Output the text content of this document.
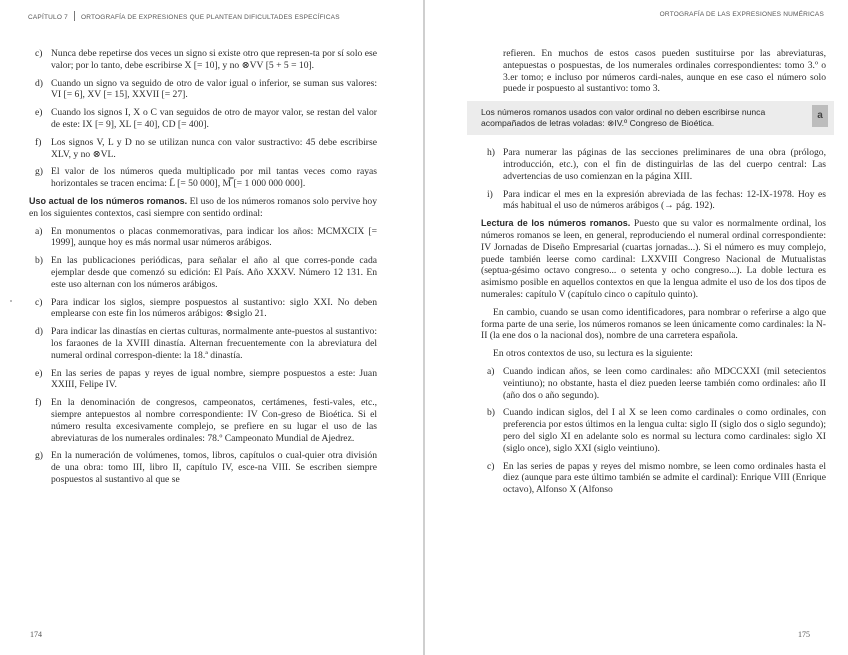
CAPÍTULO 7 ORTOGRAFÍA DE EXPRESIONES QUE PLANTEAN DIFICULTADES ESPECÍFICAS
c) Nunca debe repetirse dos veces un signo si existe otro que represen-ta por sí solo ese valor; por lo tanto, debe escribirse X [= 10], y no ⊗VV [5 + 5 = 10].
d) Cuando un signo va seguido de otro de valor igual o inferior, se suman sus valores: VI [= 6], XV [= 15], XXVII [= 27].
e) Cuando los signos I, X o C van seguidos de otro de mayor valor, se restan del valor de este: IX [= 9], XL [= 40], CD [= 400].
f) Los signos V, L y D no se utilizan nunca con valor sustractivo: 45 debe escribirse XLV, y no ⊗VL.
g) El valor de los números queda multiplicado por mil tantas veces como rayas horizontales se tracen encima: L̄ [= 50 000], M̿ [= 1 000 000 000].
Uso actual de los números romanos. El uso de los números romanos solo pervive hoy en los siguientes contextos, casi siempre con sentido ordinal:
a) En monumentos o placas conmemorativas, para indicar los años: MCMXCIX [= 1999], aunque hoy es más normal usar números arábigos.
b) En las publicaciones periódicas, para señalar el año al que corres-ponde cada ejemplar desde que comenzó su edición: El País. Año XXXV. Número 12 131. En este uso alternan con los números arábigos.
c) Para indicar los siglos, siempre pospuestos al sustantivo: siglo XXI. No deben emplearse con este fin los números arábigos: ⊗siglo 21.
d) Para indicar las dinastías en ciertas culturas, normalmente ante-puestos al sustantivo: los faraones de la XVIII dinastía. Alternan frecuentemente con la abreviatura del numeral ordinal correspon-diente: la 18.ª dinastía.
e) En las series de papas y reyes de igual nombre, siempre pospuestos a este: Juan XXIII, Felipe IV.
f) En la denominación de congresos, campeonatos, certámenes, festi-vales, etc., siempre antepuestos al nombre correspondiente: IV Con-greso de Bioética. Si el número resulta excesivamente complejo, se prefiere en su lugar el uso de las abreviaturas de los numerales ordinales: 78.º Campeonato Mundial de Ajedrez.
g) En la numeración de volúmenes, tomos, libros, capítulos o cual-quier otra división de una obra: tomo III, libro II, capítulo IV, esce-na VIII. Se escriben siempre pospuestos al sustantivo al que se
174
ORTOGRAFÍA DE LAS EXPRESIONES NUMÉRICAS
refieren. En muchos de estos casos pueden sustituirse por las abreviaturas, antepuestas o pospuestas, de los numerales ordinales correspondientes: tomo 3.º o 3.er tomo; e incluso por números cardi-nales, aunque en ese caso el número solo puede ir pospuesto al sustantivo: tomo 3.
Los números romanos usados con valor ordinal no deben escribirse nunca acompañados de letras voladas: ⊗IV.º Congreso de Bioética.
a
h) Para numerar las páginas de las secciones preliminares de una obra (prólogo, introducción, etc.), con el fin de distinguirlas de las del cuerpo central: Las advertencias de uso comienzan en la página XIII.
i) Para indicar el mes en la expresión abreviada de las fechas: 12-IX-1978. Hoy es más habitual el uso de números arábigos (→ pág. 192).
Lectura de los números romanos. Puesto que su valor es normalmente ordinal, los números romanos se leen, en general, reproduciendo el numeral ordinal correspondiente: IV Jornadas de Diseño Empresarial (cuartas jornadas...). Si el número es muy complejo, puede también leerse como cardinal: LXXVIII Congreso Nacional de Mutualistas (septua-gésimo octavo congreso... o setenta y ocho congreso...). La doble lectura es asimismo posible en aquellos contextos en que la lengua admite el uso de los dos tipos de numerales: capítulo V (capítulo cinco o capítulo quinto).
En cambio, cuando se usan como identificadores, para nombrar o referirse a algo que forma parte de una serie, los números romanos se leen únicamente como cardinales: la N-II (la ene dos o la nacional dos), nombre de una carretera española.
En otros contextos de uso, su lectura es la siguiente:
a) Cuando indican años, se leen como cardinales: año MDCCXXI (mil setecientos veintiuno); no obstante, hasta el diez pueden leerse también como ordinales: año II (año dos o año segundo).
b) Cuando indican siglos, del I al X se leen como cardinales o como ordinales, con preferencia por estos últimos en la lengua culta: siglo II (siglo dos o siglo segundo); pero del siglo XI en adelante solo es normal su lectura como cardinales: siglo XI (siglo once), siglo XXI (siglo veintiuno).
c) En las series de papas y reyes del mismo nombre, se leen como ordinales hasta el diez (aunque para este último también se admite el cardinal): Enrique VIII (Enrique octavo), Alfonso X (Alfonso
175
